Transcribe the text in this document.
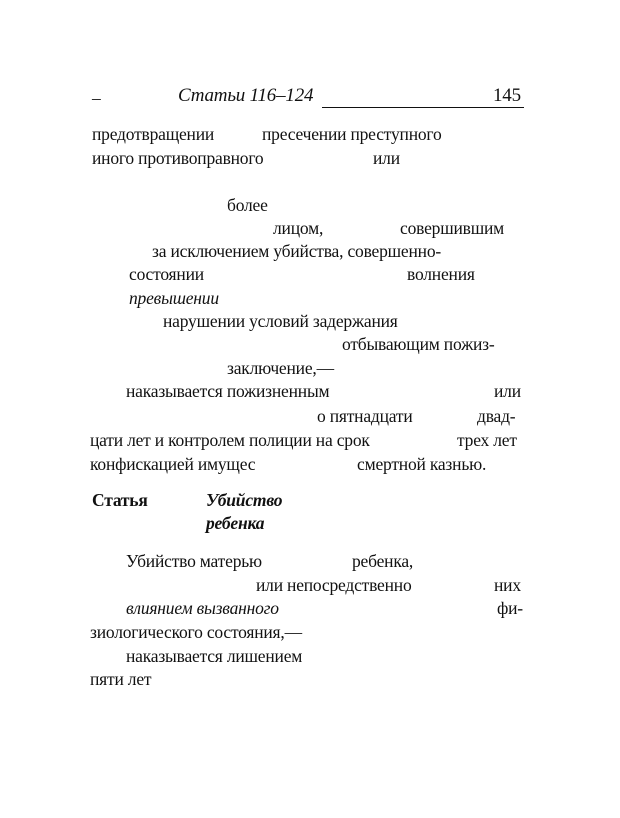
–	Статьи 116–124	145
предотвращении	пресечении преступного
иного противоправного	или
более
лицом,	совершившим
за исключением убийства, совершенно-
состоянии	волнения
превышении
нарушении условий задержания
отбывающим пожиз-
заключение,—
наказывается пожизненным	или
о пятнадцати	двад-
цати лет и контролем полиции на срок	трех лет
конфискацией имущес	смертной казнью.
Статья	Убийство
ребенка
Убийство матерью	ребенка,
или непосредственно	них
влиянием вызванного	фи-
зиологического состояния,—
наказывается лишением
пяти лет
